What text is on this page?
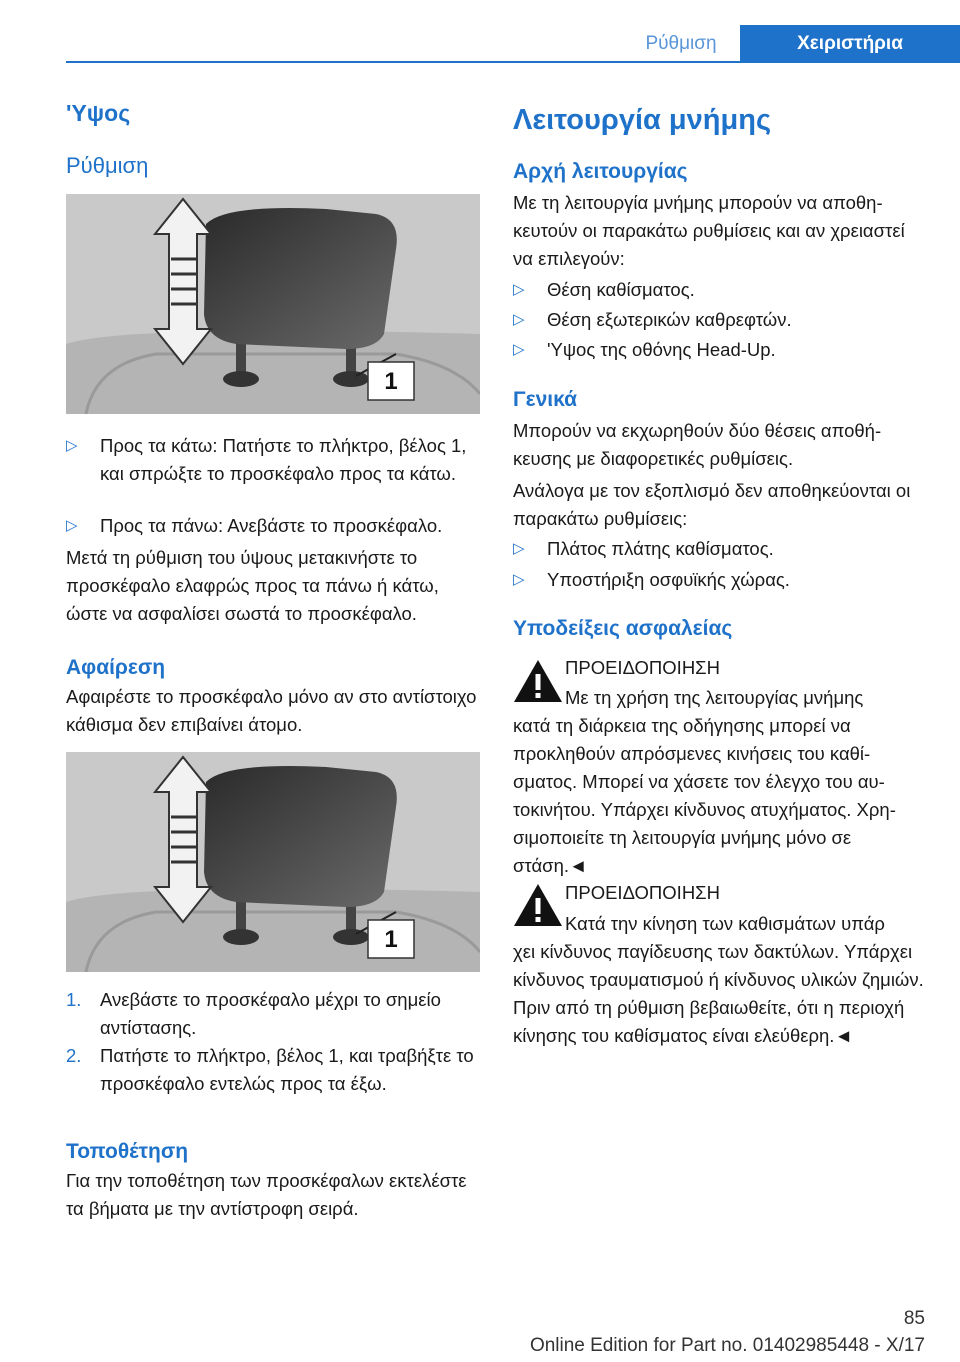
Ρύθμιση	Χειριστήρια
'Υψος
Ρύθμιση
1
▷ Προς τα κάτω: Πατήστε το πλήκτρο, βέλος 1, και σπρώξτε το προσκέφαλο προς τα κάτω.
▷ Προς τα πάνω: Ανεβάστε το προσκέφαλο.
Μετά τη ρύθμιση του ύψους μετακινήστε το προσκέφαλο ελαφρώς προς τα πάνω ή κάτω, ώστε να ασφαλίσει σωστά το προσκέφαλο.
Αφαίρεση
Αφαιρέστε το προσκέφαλο μόνο αν στο αντίστοιχο κάθισμα δεν επιβαίνει άτομο.
1
1. Ανεβάστε το προσκέφαλο μέχρι το σημείο αντίστασης.
2. Πατήστε το πλήκτρο, βέλος 1, και τραβήξτε το προσκέφαλο εντελώς προς τα έξω.
Τοποθέτηση
Για την τοποθέτηση των προσκέφαλων εκτελέστε τα βήματα με την αντίστροφη σειρά.
Λειτουργία μνήμης
Αρχή λειτουργίας
Με τη λειτουργία μνήμης μπορούν να αποθηκευτούν οι παρακάτω ρυθμίσεις και αν χρειαστεί να επιλεγούν:
▷ Θέση καθίσματος.
▷ Θέση εξωτερικών καθρεφτών.
▷ 'Υψος της οθόνης Head-Up.
Γενικά
Μπορούν να εκχωρηθούν δύο θέσεις αποθήκευσης με διαφορετικές ρυθμίσεις.
Ανάλογα με τον εξοπλισμό δεν αποθηκεύονται οι παρακάτω ρυθμίσεις:
▷ Πλάτος πλάτης καθίσματος.
▷ Υποστήριξη οσφυϊκής χώρας.
Υποδείξεις ασφαλείας
ΠΡΟΕΙΔΟΠΟΙΗΣΗ
Με τη χρήση της λειτουργίας μνήμης
κατά τη διάρκεια της οδήγησης μπορεί να προκληθούν απρόσμενες κινήσεις του καθίσματος. Μπορεί να χάσετε τον έλεγχο του αυτοκινήτου. Υπάρχει κίνδυνος ατυχήματος. Χρησιμοποιείτε τη λειτουργία μνήμης μόνο σε στάση.◄
ΠΡΟΕΙΔΟΠΟΙΗΣΗ
Κατά την κίνηση των καθισμάτων υπάρ
χει κίνδυνος παγίδευσης των δακτύλων. Υπάρχει κίνδυνος τραυματισμού ή κίνδυνος υλικών ζημιών. Πριν από τη ρύθμιση βεβαιωθείτε, ότι η περιοχή κίνησης του καθίσματος είναι ελεύθερη.◄
85
Online Edition for Part no. 01402985448 - X/17
